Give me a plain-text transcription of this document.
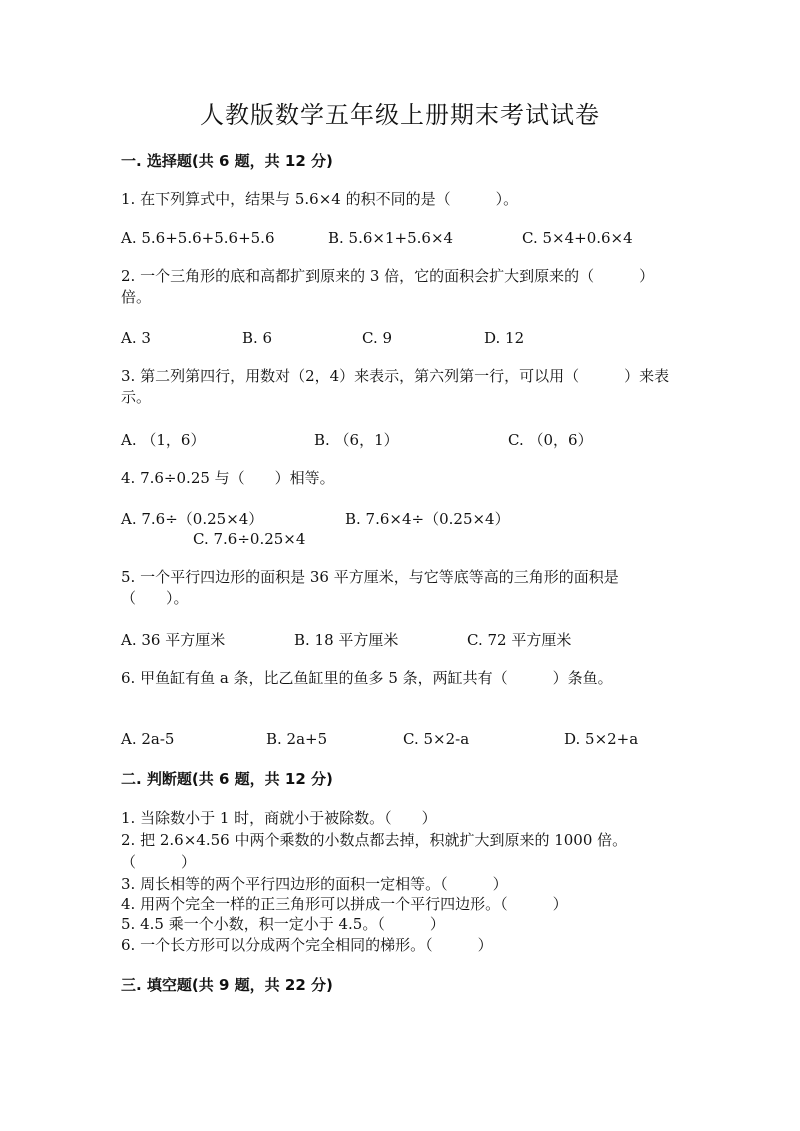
人教版数学五年级上册期末考试试卷
一. 选择题(共 6 题，共 12 分)
1. 在下列算式中，结果与 5.6×4 的积不同的是（　　　）。
A. 5.6+5.6+5.6+5.6	B. 5.6×1+5.6×4	C. 5×4+0.6×4
2. 一个三角形的底和高都扩到原来的 3 倍，它的面积会扩大到原来的（　　　）倍。
A. 3	B. 6	C. 9	D. 12
3. 第二列第四行，用数对（2，4）来表示，第六列第一行，可以用（　　　）来表示。
A. （1，6）	B. （6，1）	C. （0，6）
4. 7.6÷0.25 与（　　）相等。
A. 7.6÷（0.25×4）	B. 7.6×4÷（0.25×4）
C. 7.6÷0.25×4
5. 一个平行四边形的面积是 36 平方厘米，与它等底等高的三角形的面积是（　　）。
A. 36 平方厘米	B. 18 平方厘米	C. 72 平方厘米
6. 甲鱼缸有鱼 a 条，比乙鱼缸里的鱼多 5 条，两缸共有（　　　）条鱼。
A. 2a-5	B. 2a+5	C. 5×2-a	D. 5×2+a
二. 判断题(共 6 题，共 12 分)
1. 当除数小于 1 时，商就小于被除数。（　　）
2. 把 2.6×4.56 中两个乘数的小数点都去掉，积就扩大到原来的 1000 倍。
（　　　）
3. 周长相等的两个平行四边形的面积一定相等。（　　　）
4. 用两个完全一样的正三角形可以拼成一个平行四边形。（　　　）
5. 4.5 乘一个小数，积一定小于 4.5。（　　　）
6. 一个长方形可以分成两个完全相同的梯形。（　　　）
三. 填空题(共 9 题，共 22 分)
